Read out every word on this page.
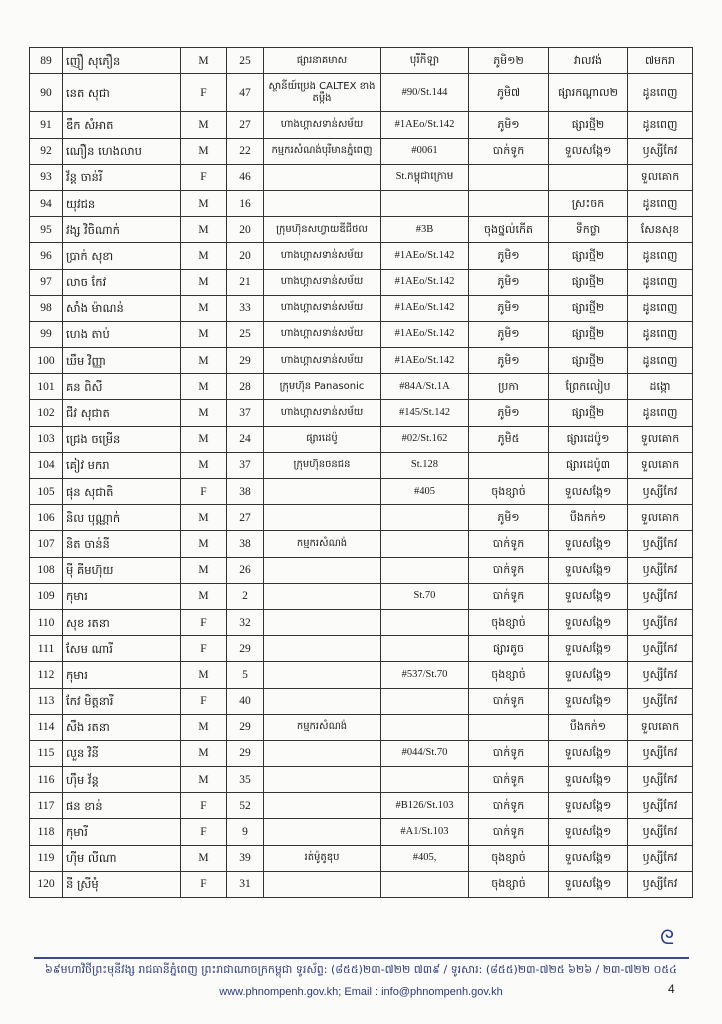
89	ញឿ សុភឿន	M	25	ផ្សារនាគមាស	បុរីកីឡា	ភូមិ១២	វាលវង់	៧មករា
90	នេត សុជា	F	47	ស្ថានីយ៍ប្រេង CALTEX ខាងតម្កឹង	#90/St.144	ភូមិ៧	ផ្សារកណ្ដាល២	ដូនពេញ
91	ឌឹក សំអាត	M	27	ហាងហ្គាសទាន់សម័យ	#1AEo/St.142	ភូមិ១	ផ្សារថ្មី២	ដូនពេញ
92	ណឿន ហេងលាប	M	22	កម្មករសំណង់បុរីមានភ្នំពេញ	#0061	បាក់ទូក	ទួលសង្កែ១	ឫស្សីកែវ
93	វ័ន្ត ចាន់រី	F	46		St.កម្ពុជាក្រោម			ទួលគោក
94	យុវជន	M	16				ស្រះចក	ដូនពេញ
95	វង្ស វិចិណាក់	M	20	ក្រុមហ៊ុនសហ្វាយឌីជីថល	#3B	ចុងថ្នល់កើត	ទឹកថ្លា	សែនសុខ
96	ប្រាក់ សុខា	M	20	ហាងហ្គាសទាន់សម័យ	#1AEo/St.142	ភូមិ១	ផ្សារថ្មី២	ដូនពេញ
97	លាច កែវ	M	21	ហាងហ្គាសទាន់សម័យ	#1AEo/St.142	ភូមិ១	ផ្សារថ្មី២	ដូនពេញ
98	សាំង ម៉ាណន់	M	33	ហាងហ្គាសទាន់សម័យ	#1AEo/St.142	ភូមិ១	ផ្សារថ្មី២	ដូនពេញ
99	ហេង តាប់	M	25	ហាងហ្គាសទាន់សម័យ	#1AEo/St.142	ភូមិ១	ផ្សារថ្មី២	ដូនពេញ
100	ឃឹម វិញ្ញា	M	29	ហាងហ្គាសទាន់សម័យ	#1AEo/St.142	ភូមិ១	ផ្សារថ្មី២	ដូនពេញ
101	គន ពិសី	M	28	ក្រុមហ៊ុន Panasonic	#84A/St.1A	ប្រកា	ព្រែកលៀប	ដង្កោ
102	ជីវ សុជាត	M	37	ហាងហ្គាសទាន់សម័យ	#145/St.142	ភូមិ១	ផ្សារថ្មី២	ដូនពេញ
103	ជ្រេង ចម្រើន	M	24	ផ្សារដេប៉ូ	#02/St.162	ភូមិ៥	ផ្សារដេប៉ូ១	ទួលគោក
104	គៀវ មករា	M	37	ក្រុមហ៊ុនចនជន	St.128		ផ្សារដេប៉ូ៣	ទួលគោក
105	ផុន សុជាតិ	F	38		#405	ចុងខ្សាច់	ទួលសង្កែ១	ឫស្សីកែវ
106	និល បុណ្ណាក់	M	27			ភូមិ១	បឹងកក់១	ទួលគោក
107	និត ចាន់នី	M	38	កម្មករសំណង់		បាក់ទូក	ទួលសង្កែ១	ឫស្សីកែវ
108	ម៉ី គីមហ៊ុយ	M	26			បាក់ទូក	ទួលសង្កែ១	ឫស្សីកែវ
109	កុមារ	M	2		St.70	បាក់ទូក	ទួលសង្កែ១	ឫស្សីកែវ
110	សុខ រតនា	F	32			ចុងខ្សាច់	ទួលសង្កែ១	ឫស្សីកែវ
111	សែម ណារី	F	29			ផ្សារតូច	ទួលសង្កែ១	ឫស្សីកែវ
112	កុមារ	M	5		#537/St.70	ចុងខ្សាច់	ទួលសង្កែ១	ឫស្សីកែវ
113	កែវ មិត្តនារី	F	40			បាក់ទូក	ទួលសង្កែ១	ឫស្សីកែវ
114	សឹង រតនា	M	29	កម្មករសំណង់			បឹងកក់១	ទួលគោក
115	លួន វិនី	M	29		#044/St.70	បាក់ទូក	ទួលសង្កែ១	ឫស្សីកែវ
116	ហ៊ឹម វ័ន្ត	M	35			បាក់ទូក	ទួលសង្កែ១	ឫស្សីកែវ
117	ផន ខាន់	F	52		#B126/St.103	បាក់ទូក	ទួលសង្កែ១	ឫស្សីកែវ
118	កុមារី	F	9		#A1/St.103	បាក់ទូក	ទួលសង្កែ១	ឫស្សីកែវ
119	ហ៊ីម លីណា	M	39	រត់ម៉ូតូឌុប	#405,	ចុងខ្សាច់	ទួលសង្កែ១	ឫស្សីកែវ
120	នី ស្រីមុំ	F	31			ចុងខ្សាច់	ទួលសង្កែ១	ឫស្សីកែវ
ᘓ
៦៩មហាវិថីព្រះមុនីវង្ស រាជធានីភ្នំពេញ ព្រះរាជាណាចក្រកម្ពុជា ទូរស័ព្ទ: (៨៥៥)២៣-៧២២ ៧៣៩ / ទូរសារ: (៨៥៥)២៣-៧២៥ ៦២៦ / ២៣-៧២២ ០៥៤
www.phnompenh.gov.kh; Email : info@phnompenh.gov.kh	4
